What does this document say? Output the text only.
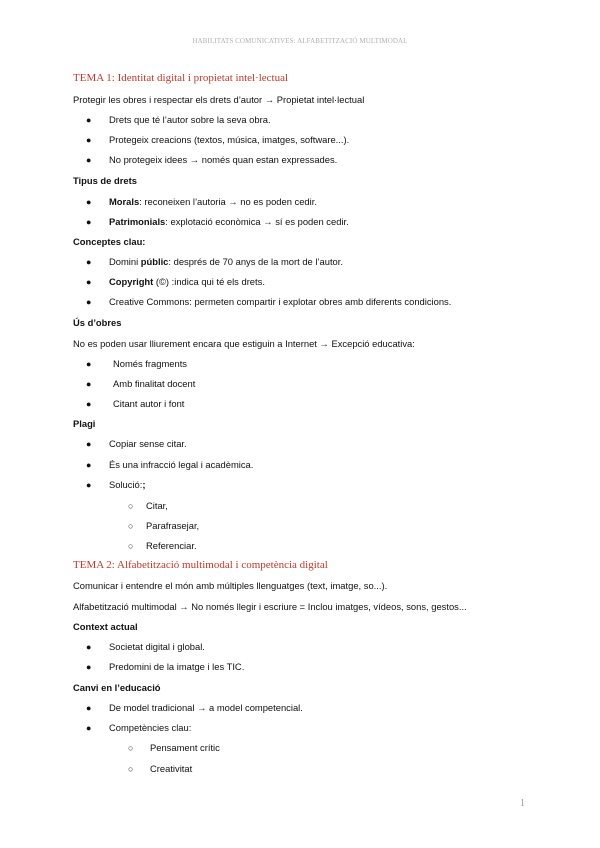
HABILITATS COMUNICATIVES: ALFABETITZACIÓ MULTIMODAL
TEMA 1: Identitat digital i propietat intel·lectual
Protegir les obres i respectar els drets d’autor → Propietat intel·lectual
● Drets que té l’autor sobre la seva obra.
● Protegeix creacions (textos, música, imatges, software...).
● No protegeix idees → només quan estan expressades.
Tipus de drets
● Morals: reconeixen l’autoria → no es poden cedir.
● Patrimonials: explotació econòmica → sí es poden cedir.
Conceptes clau:
● Domini públic: després de 70 anys de la mort de l’autor.
● Copyright (©) :indica qui té els drets.
● Creative Commons: permeten compartir i explotar obres amb diferents condicions.
Ús d’obres
No es poden usar lliurement encara que estiguin a Internet → Excepció educativa:
● Només fragments
● Amb finalitat docent
● Citant autor i font
Plagi
● Copiar sense citar.
● És una infracció legal i acadèmica.
● Solució:;
○ Citar,
○ Parafrasejar,
○ Referenciar.
TEMA 2: Alfabetització multimodal i competència digital
Comunicar i entendre el món amb múltiples llenguatges (text, imatge, so...).
Alfabetització multimodal → No només llegir i escriure = Inclou imatges, vídeos, sons, gestos...
Context actual
● Societat digital i global.
● Predomini de la imatge i les TIC.
Canvi en l’educació
● De model tradicional → a model competencial.
● Competències clau:
○ Pensament crític
○ Creativitat
1
